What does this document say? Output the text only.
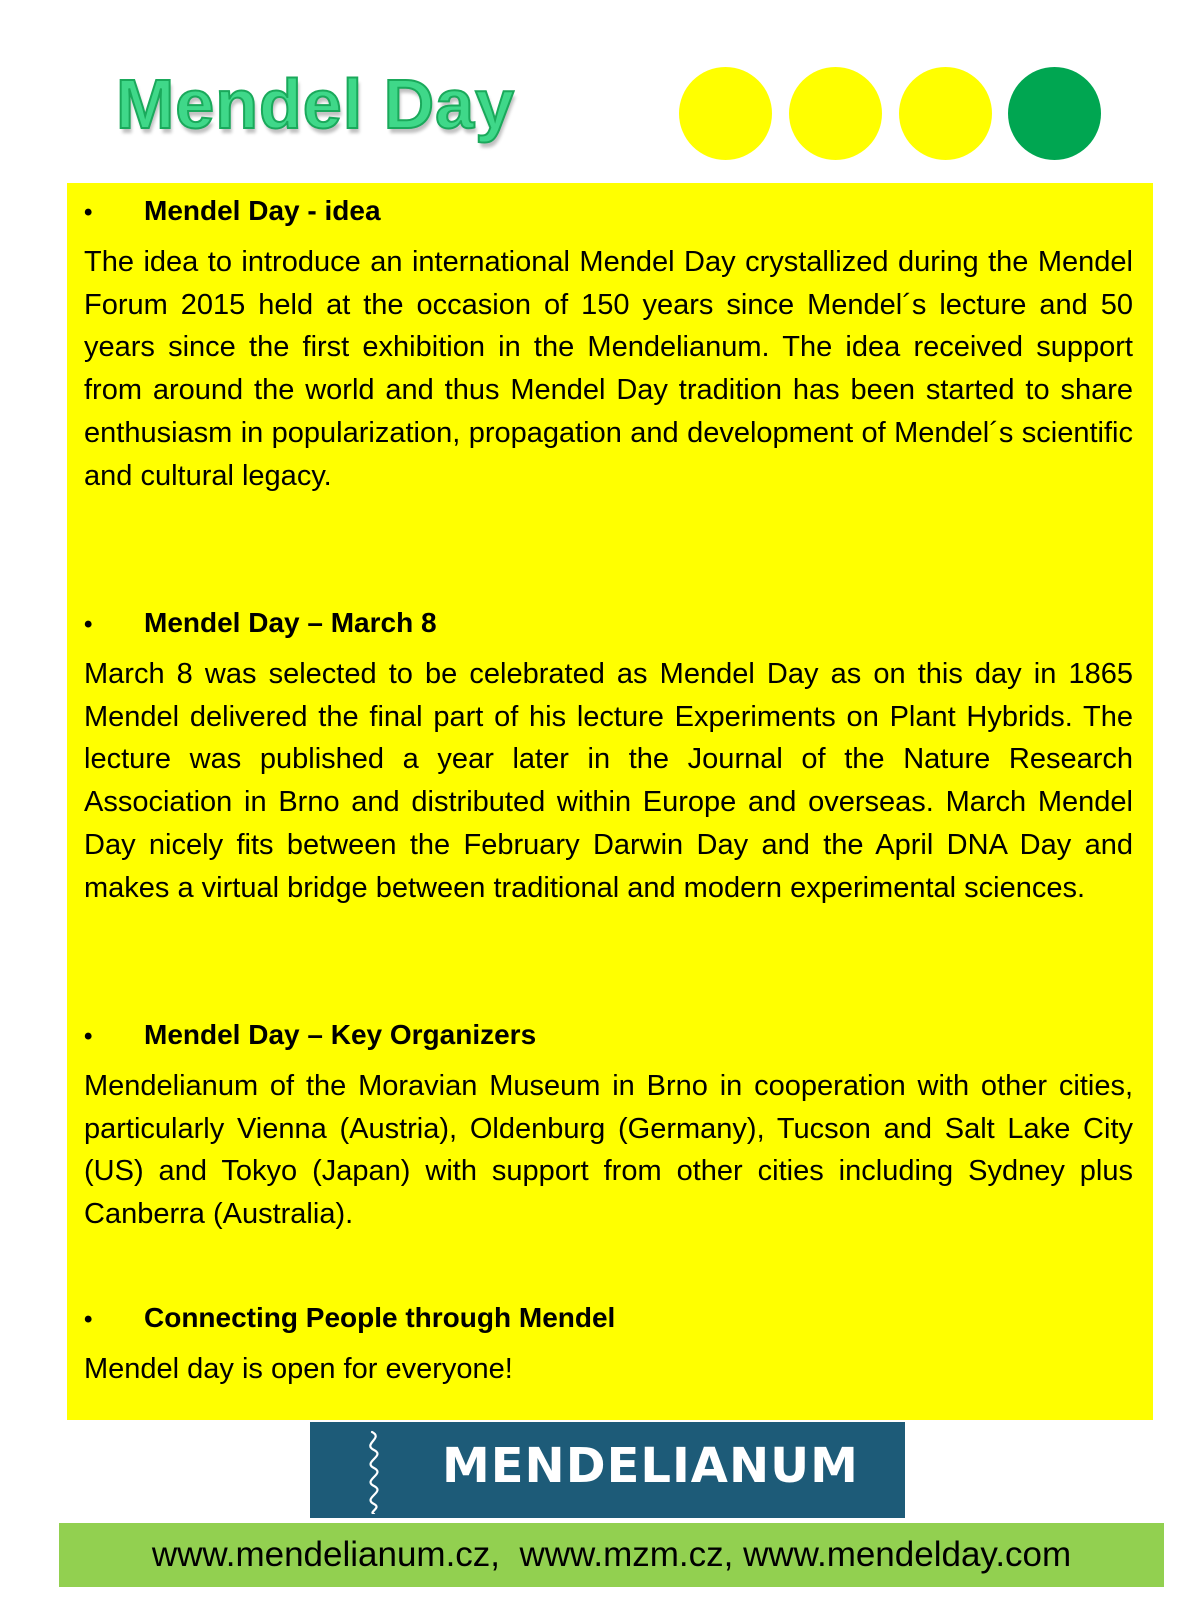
Mendel Day
•	Mendel Day - idea

The idea to introduce an international Mendel Day crystallized during the Mendel Forum 2015 held at the occasion of 150 years since Mendel´s lecture and 50 years since the first exhibition in the Mendelianum. The idea received support from around the world and thus Mendel Day tradition has been started to share enthusiasm in popularization, propagation and development of Mendel´s scientific and cultural legacy.

•	Mendel Day – March 8

March 8 was selected to be celebrated as Mendel Day as on this day in 1865 Mendel delivered the final part of his lecture Experiments on Plant Hybrids. The lecture was published a year later in the Journal of the Nature Research Association in Brno and distributed within Europe and overseas. March Mendel Day nicely fits between the February Darwin Day and the April DNA Day and makes a virtual bridge between traditional and modern experimental sciences.

•	Mendel Day – Key Organizers

Mendelianum of the Moravian Museum in Brno in cooperation with other cities, particularly Vienna (Austria), Oldenburg (Germany), Tucson and Salt Lake City (US) and Tokyo (Japan) with support from other cities including Sydney plus Canberra (Australia).

•	Connecting People through Mendel

Mendel day is open for everyone!

MENDELIANUM
www.mendelianum.cz,  www.mzm.cz, www.mendelday.com
